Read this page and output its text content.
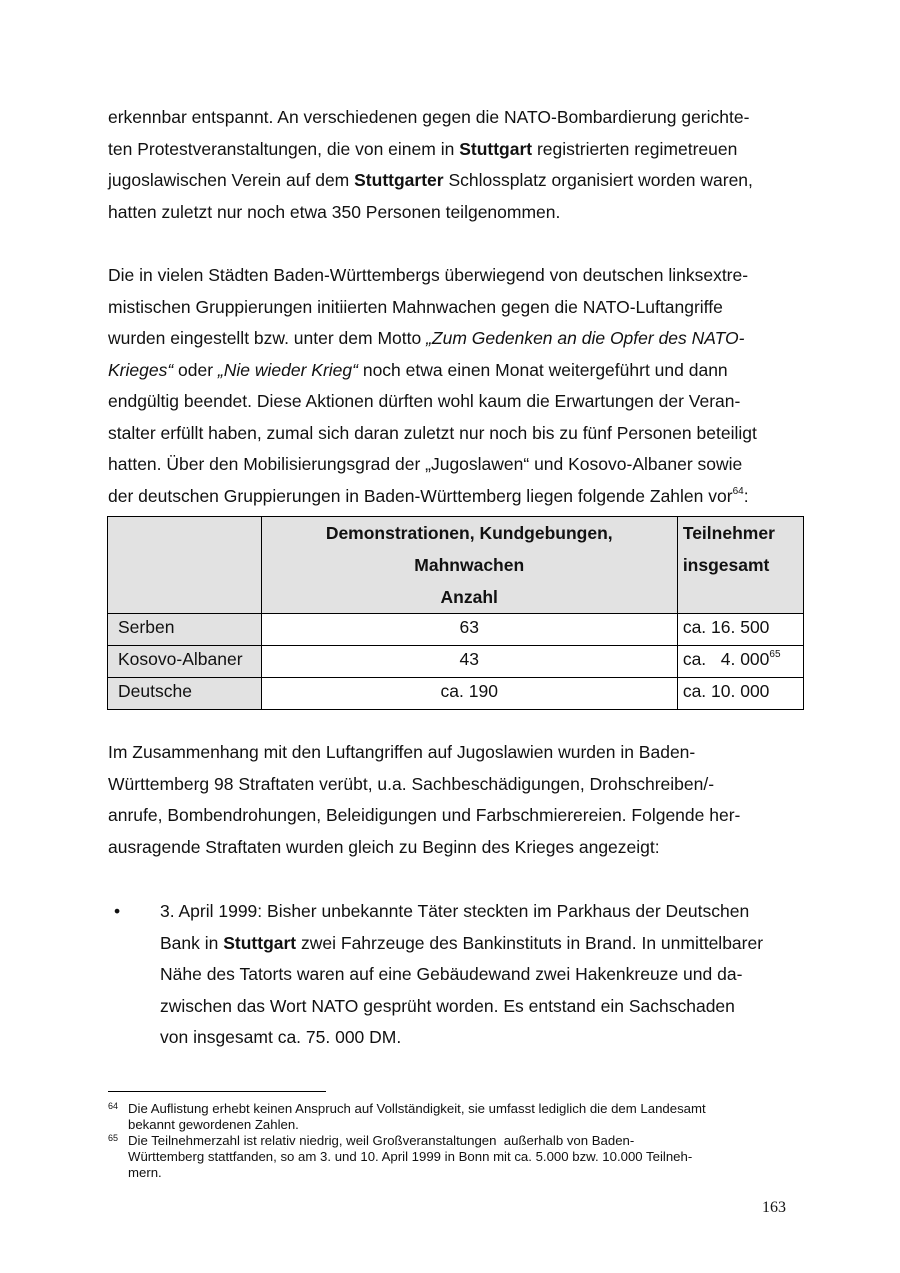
erkennbar entspannt. An verschiedenen gegen die NATO-Bombardierung gerichte-
ten Protestveranstaltungen, die von einem in Stuttgart registrierten regimetreuen
jugoslawischen Verein auf dem Stuttgarter Schlossplatz organisiert worden waren,
hatten zuletzt nur noch etwa 350 Personen teilgenommen.
Die in vielen Städten Baden-Württembergs überwiegend von deutschen linksextre-
mistischen Gruppierungen initiierten Mahnwachen gegen die NATO-Luftangriffe
wurden eingestellt bzw. unter dem Motto „Zum Gedenken an die Opfer des NATO-
Krieges“ oder „Nie wieder Krieg“ noch etwa einen Monat weitergeführt und dann
endgültig beendet. Diese Aktionen dürften wohl kaum die Erwartungen der Veran-
stalter erfüllt haben, zumal sich daran zuletzt nur noch bis zu fünf Personen beteiligt
hatten. Über den Mobilisierungsgrad der „Jugoslawen“ und Kosovo-Albaner sowie
der deutschen Gruppierungen in Baden-Württemberg liegen folgende Zahlen vor$^{64}$:

	Demonstrationen, Kundgebungen,
Mahnwachen
Anzahl	Teilnehmer
insgesamt

Serben	63	ca. 16. 500
Kosovo-Albaner	43	ca.   4. $000^{65}$
Deutsche	ca. 190	ca. 10. 000
Im Zusammenhang mit den Luftangriffen auf Jugoslawien wurden in Baden-
Württemberg 98 Straftaten verübt, u.a. Sachbeschädigungen, Drohschreiben/-
anrufe, Bombendrohungen, Beleidigungen und Farbschmierereien. Folgende her-
ausragende Straftaten wurden gleich zu Beginn des Krieges angezeigt:
• 3. April 1999: Bisher unbekannte Täter steckten im Parkhaus der Deutschen
Bank in Stuttgart zwei Fahrzeuge des Bankinstituts in Brand. In unmittelbarer
Nähe des Tatorts waren auf eine Gebäudewand zwei Hakenkreuze und da-
zwischen das Wort NATO gesprüht worden. Es entstand ein Sachschaden
von insgesamt ca. 75. 000 DM.
64 Die Auflistung erhebt keinen Anspruch auf Vollständigkeit, sie umfasst lediglich die dem Landesamt
bekannt gewordenen Zahlen.
65 Die Teilnehmerzahl ist relativ niedrig, weil Großveranstaltungen  außerhalb von Baden-
Württemberg stattfanden, so am 3. und 10. April 1999 in Bonn mit ca. 5.000 bzw. 10.000 Teilneh-
mern.
163
